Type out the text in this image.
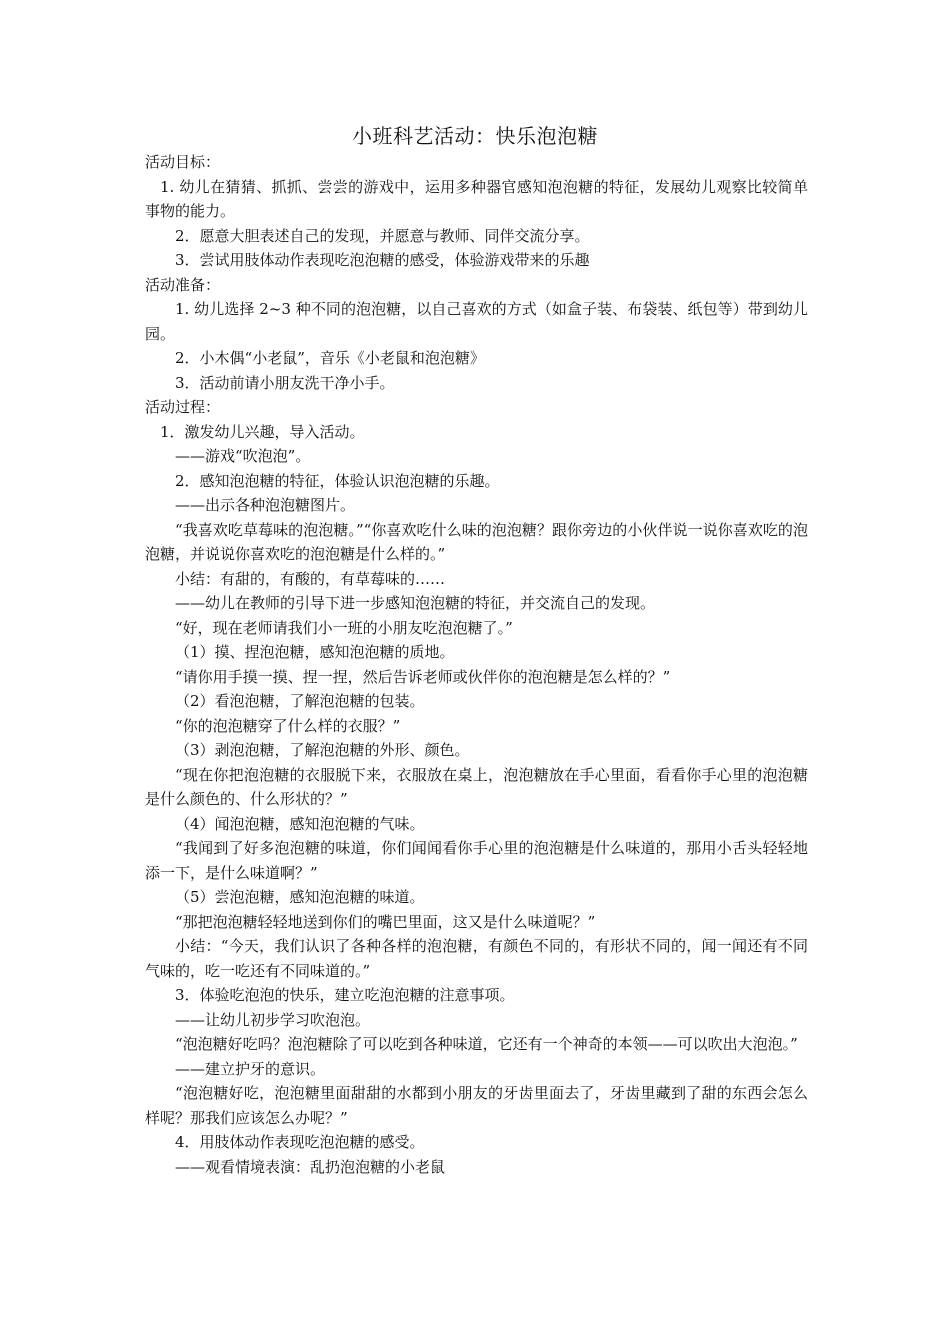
小班科艺活动：快乐泡泡糖

活动目标：

1. 幼儿在猜猜、抓抓、尝尝的游戏中，运用多种器官感知泡泡糖的特征，发展幼儿观察比较简单事物的能力。

2．愿意大胆表述自己的发现，并愿意与教师、同伴交流分享。

3．尝试用肢体动作表现吃泡泡糖的感受，体验游戏带来的乐趣

活动准备：

1. 幼儿选择 2~3 种不同的泡泡糖，以自己喜欢的方式（如盒子装、布袋装、纸包等）带到幼儿园。

2．小木偶“小老鼠”，音乐《小老鼠和泡泡糖》

3．活动前请小朋友洗干净小手。

活动过程：

1．激发幼儿兴趣，导入活动。

——游戏“吹泡泡”。

2．感知泡泡糖的特征，体验认识泡泡糖的乐趣。

——出示各种泡泡糖图片。

“我喜欢吃草莓味的泡泡糖。”“你喜欢吃什么味的泡泡糖？跟你旁边的小伙伴说一说你喜欢吃的泡泡糖，并说说你喜欢吃的泡泡糖是什么样的。”

小结：有甜的，有酸的，有草莓味的……

——幼儿在教师的引导下进一步感知泡泡糖的特征，并交流自己的发现。

“好，现在老师请我们小一班的小朋友吃泡泡糖了。”

（1）摸、捏泡泡糖，感知泡泡糖的质地。

“请你用手摸一摸、捏一捏，然后告诉老师或伙伴你的泡泡糖是怎么样的？”

（2）看泡泡糖，了解泡泡糖的包装。

“你的泡泡糖穿了什么样的衣服？”

（3）剥泡泡糖，了解泡泡糖的外形、颜色。

“现在你把泡泡糖的衣服脱下来，衣服放在桌上，泡泡糖放在手心里面，看看你手心里的泡泡糖是什么颜色的、什么形状的？”

（4）闻泡泡糖，感知泡泡糖的气味。

“我闻到了好多泡泡糖的味道，你们闻闻看你手心里的泡泡糖是什么味道的，那用小舌头轻轻地添一下，是什么味道啊？”

（5）尝泡泡糖，感知泡泡糖的味道。

“那把泡泡糖轻轻地送到你们的嘴巴里面，这又是什么味道呢？”

小结：“今天，我们认识了各种各样的泡泡糖，有颜色不同的，有形状不同的，闻一闻还有不同气味的，吃一吃还有不同味道的。”

3．体验吃泡泡的快乐，建立吃泡泡糖的注意事项。

——让幼儿初步学习吹泡泡。

“泡泡糖好吃吗？泡泡糖除了可以吃到各种味道，它还有一个神奇的本领——可以吹出大泡泡。”

——建立护牙的意识。

“泡泡糖好吃，泡泡糖里面甜甜的水都到小朋友的牙齿里面去了，牙齿里藏到了甜的东西会怎么样呢？那我们应该怎么办呢？”

4．用肢体动作表现吃泡泡糖的感受。

——观看情境表演：乱扔泡泡糖的小老鼠
